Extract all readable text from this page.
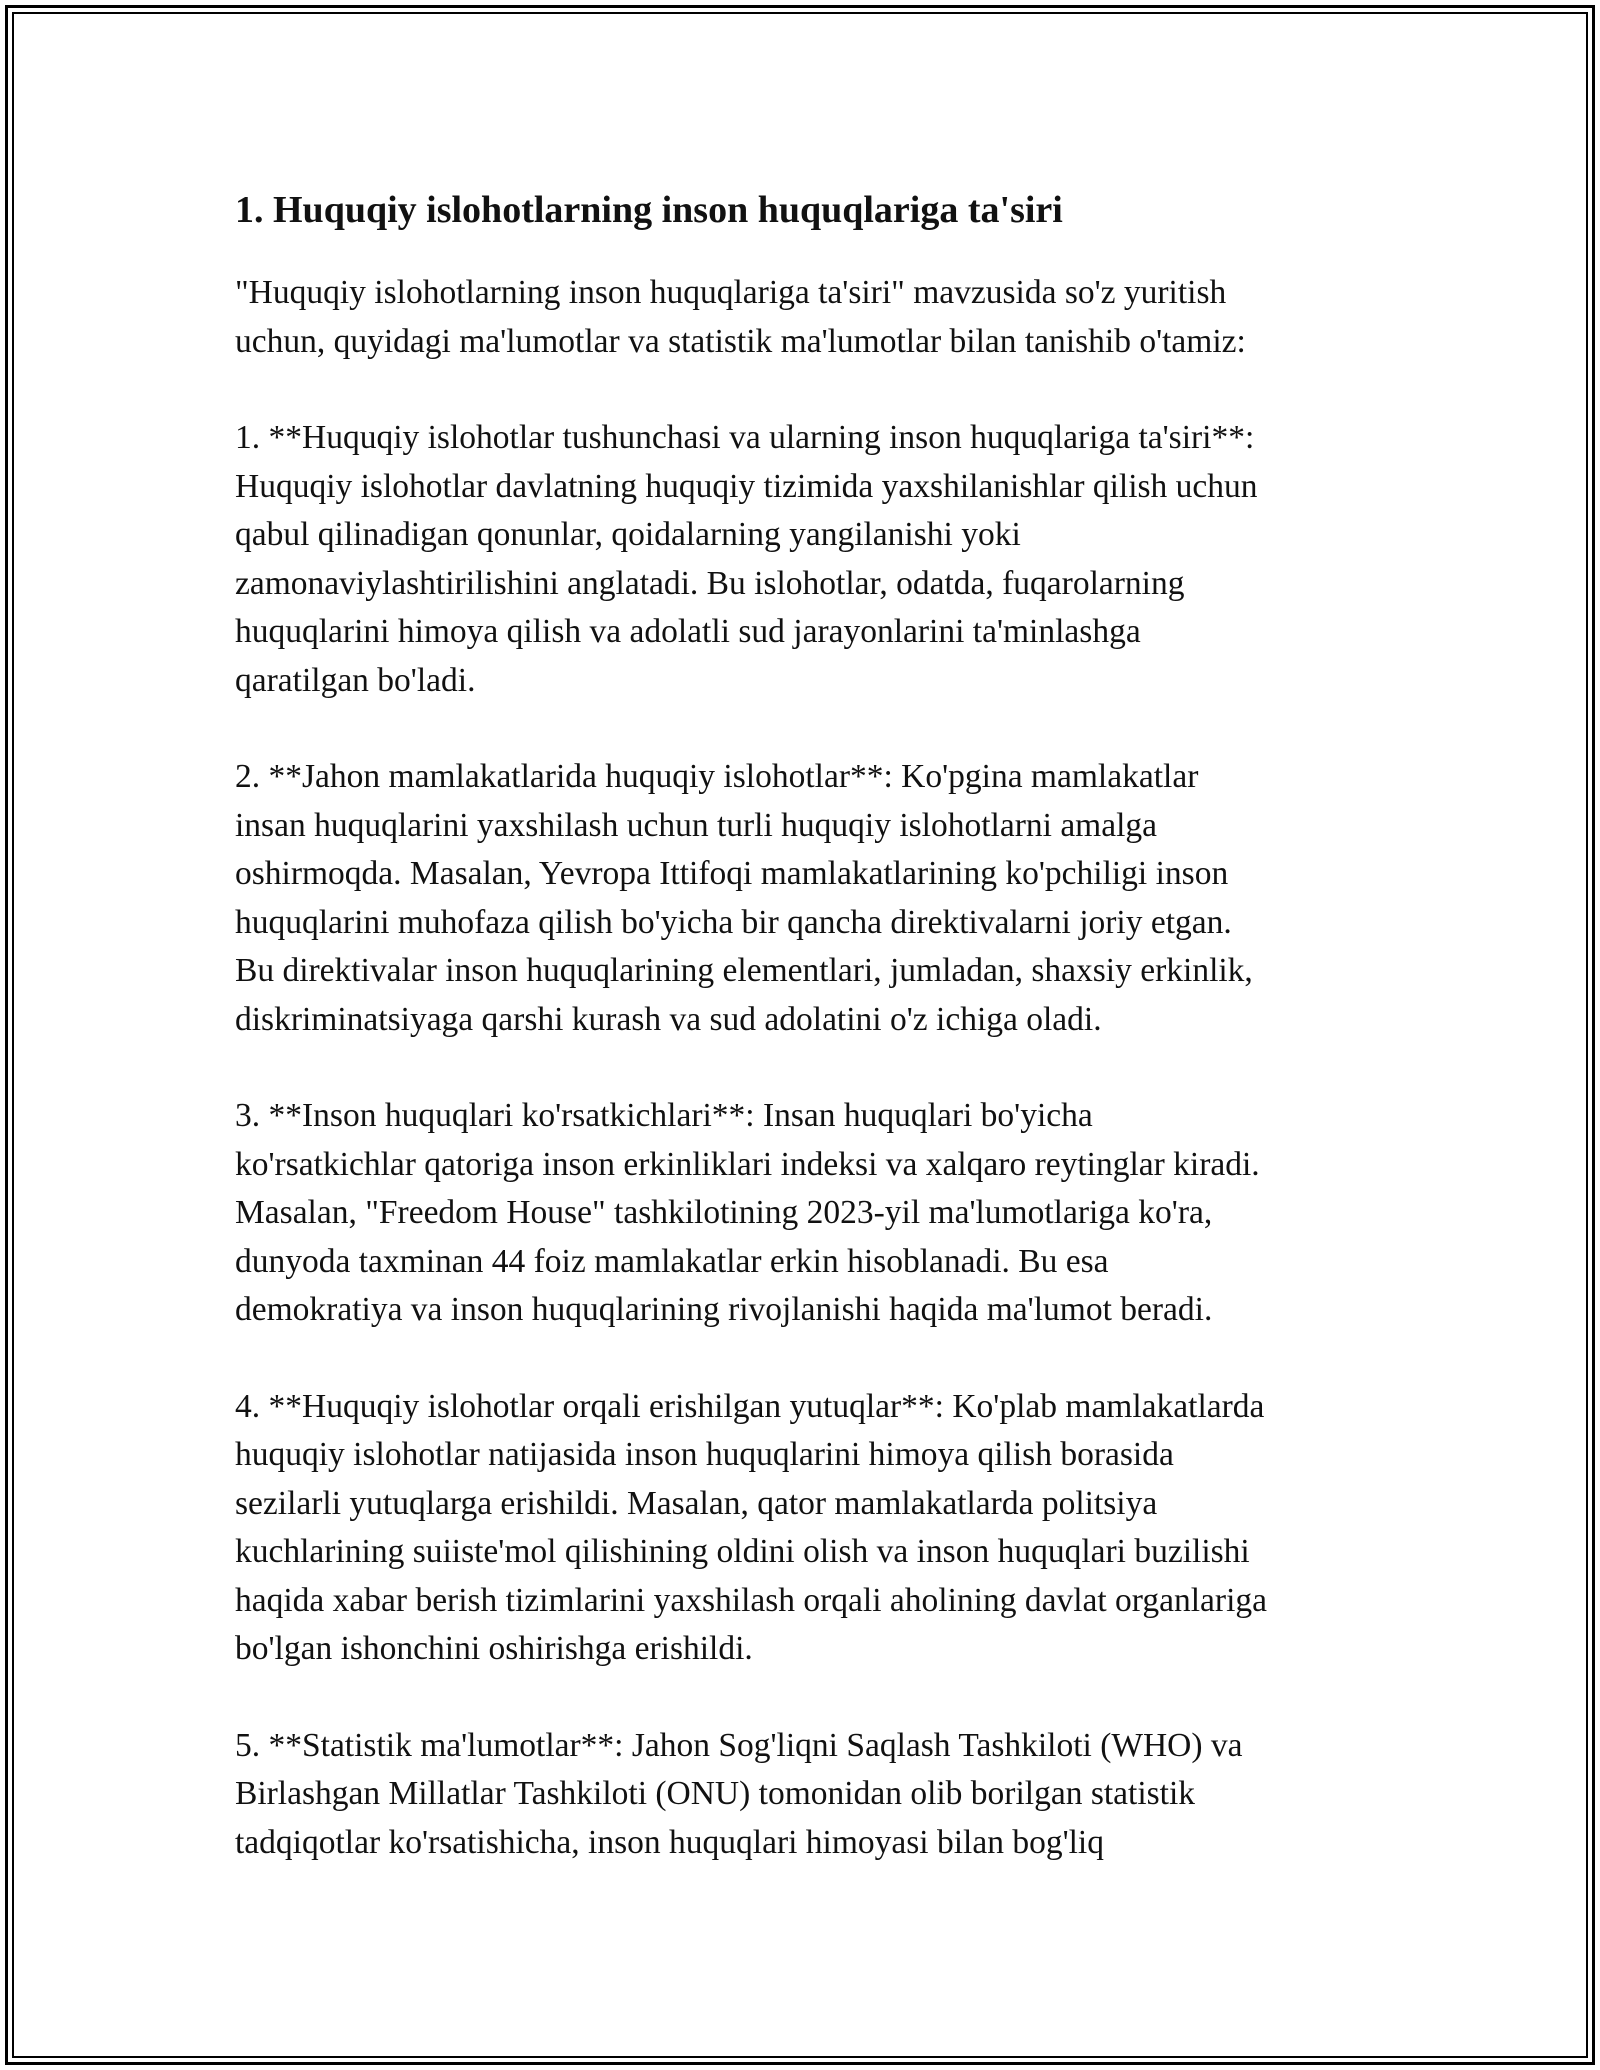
1. Huquqiy islohotlarning inson huquqlariga ta'siri

"Huquqiy islohotlarning inson huquqlariga ta'siri" mavzusida so'z yuritish
uchun, quyidagi ma'lumotlar va statistik ma'lumotlar bilan tanishib o'tamiz:

1. **Huquqiy islohotlar tushunchasi va ularning inson huquqlariga ta'siri**:
Huquqiy islohotlar davlatning huquqiy tizimida yaxshilanishlar qilish uchun
qabul qilinadigan qonunlar, qoidalarning yangilanishi yoki
zamonaviylashtirilishini anglatadi. Bu islohotlar, odatda, fuqarolarning
huquqlarini himoya qilish va adolatli sud jarayonlarini ta'minlashga
qaratilgan bo'ladi.

2. **Jahon mamlakatlarida huquqiy islohotlar**: Ko'pgina mamlakatlar
insan huquqlarini yaxshilash uchun turli huquqiy islohotlarni amalga
oshirmoqda. Masalan, Yevropa Ittifoqi mamlakatlarining ko'pchiligi inson
huquqlarini muhofaza qilish bo'yicha bir qancha direktivalarni joriy etgan.
Bu direktivalar inson huquqlarining elementlari, jumladan, shaxsiy erkinlik,
diskriminatsiyaga qarshi kurash va sud adolatini o'z ichiga oladi.

3. **Inson huquqlari ko'rsatkichlari**: Insan huquqlari bo'yicha
ko'rsatkichlar qatoriga inson erkinliklari indeksi va xalqaro reytinglar kiradi.
Masalan, "Freedom House" tashkilotining 2023-yil ma'lumotlariga ko'ra,
dunyoda taxminan 44 foiz mamlakatlar erkin hisoblanadi. Bu esa
demokratiya va inson huquqlarining rivojlanishi haqida ma'lumot beradi.

4. **Huquqiy islohotlar orqali erishilgan yutuqlar**: Ko'plab mamlakatlarda
huquqiy islohotlar natijasida inson huquqlarini himoya qilish borasida
sezilarli yutuqlarga erishildi. Masalan, qator mamlakatlarda politsiya
kuchlarining suiiste'mol qilishining oldini olish va inson huquqlari buzilishi
haqida xabar berish tizimlarini yaxshilash orqali aholining davlat organlariga
bo'lgan ishonchini oshirishga erishildi.

5. **Statistik ma'lumotlar**: Jahon Sog'liqni Saqlash Tashkiloti (WHO) va
Birlashgan Millatlar Tashkiloti (ONU) tomonidan olib borilgan statistik
tadqiqotlar ko'rsatishicha, inson huquqlari himoyasi bilan bog'liq
